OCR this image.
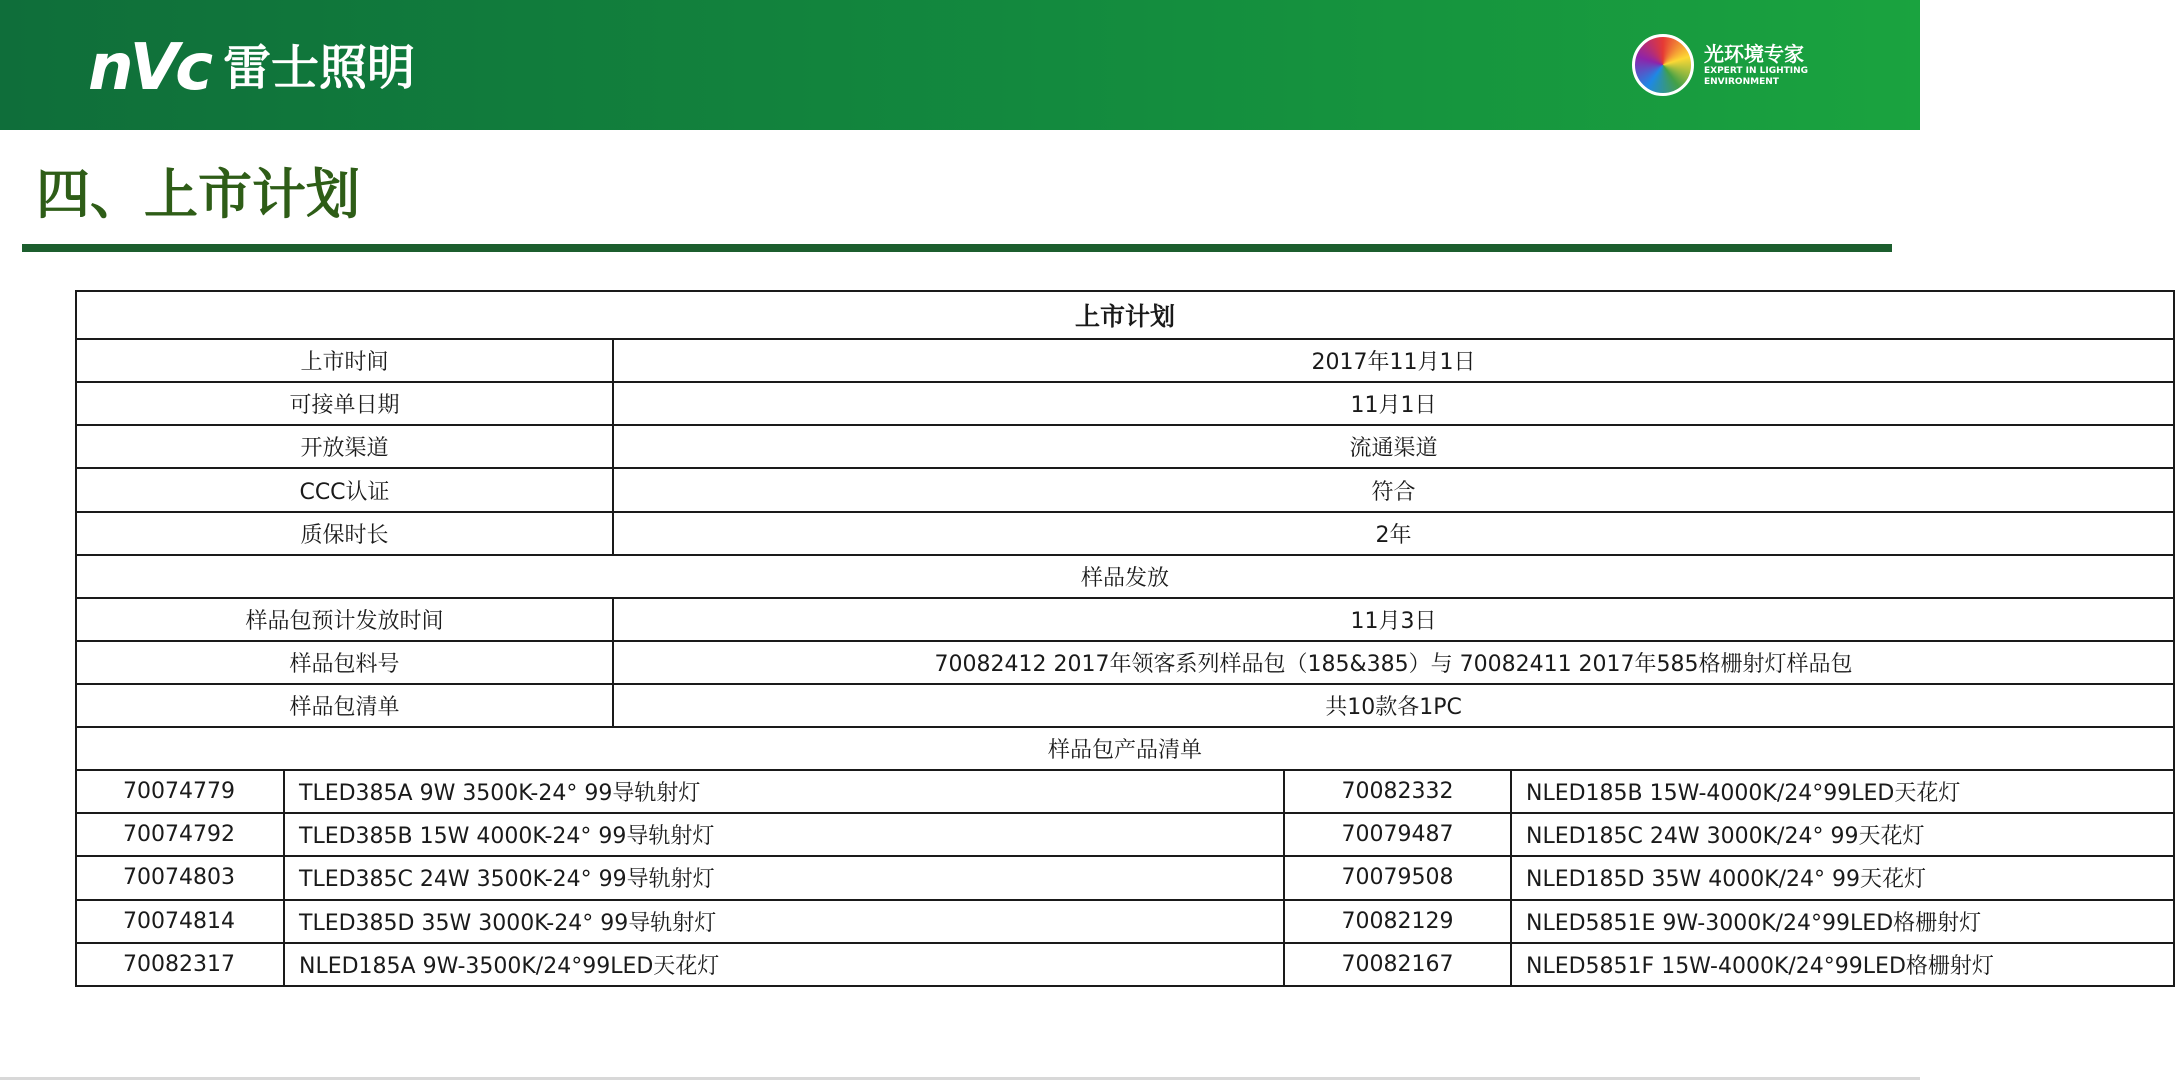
nVc 雷士照明	光环境专家
EXPERT IN LIGHTING ENVIRONMENT
四、上市计划
上市计划				
上市时间		2017年11月1日		
可接单日期		11月1日		
开放渠道		流通渠道		
CCC认证		符合		
质保时长		2年		
样品发放				
样品包预计发放时间		11月3日		
样品包料号		70082412 2017年领客系列样品包（185&385）与 70082411 2017年585格栅射灯样品包		
样品包清单		共10款各1PC		
样品包产品清单				
70074779	TLED385A 9W 3500K-24° 99导轨射灯		70082332	NLED185B 15W-4000K/24°99LED天花灯
70074792	TLED385B 15W 4000K-24° 99导轨射灯		70079487	NLED185C 24W 3000K/24° 99天花灯
70074803	TLED385C 24W 3500K-24° 99导轨射灯		70079508	NLED185D 35W 4000K/24° 99天花灯
70074814	TLED385D 35W 3000K-24° 99导轨射灯		70082129	NLED5851E 9W-3000K/24°99LED格栅射灯
70082317	NLED185A 9W-3500K/24°99LED天花灯		70082167	NLED5851F 15W-4000K/24°99LED格栅射灯
